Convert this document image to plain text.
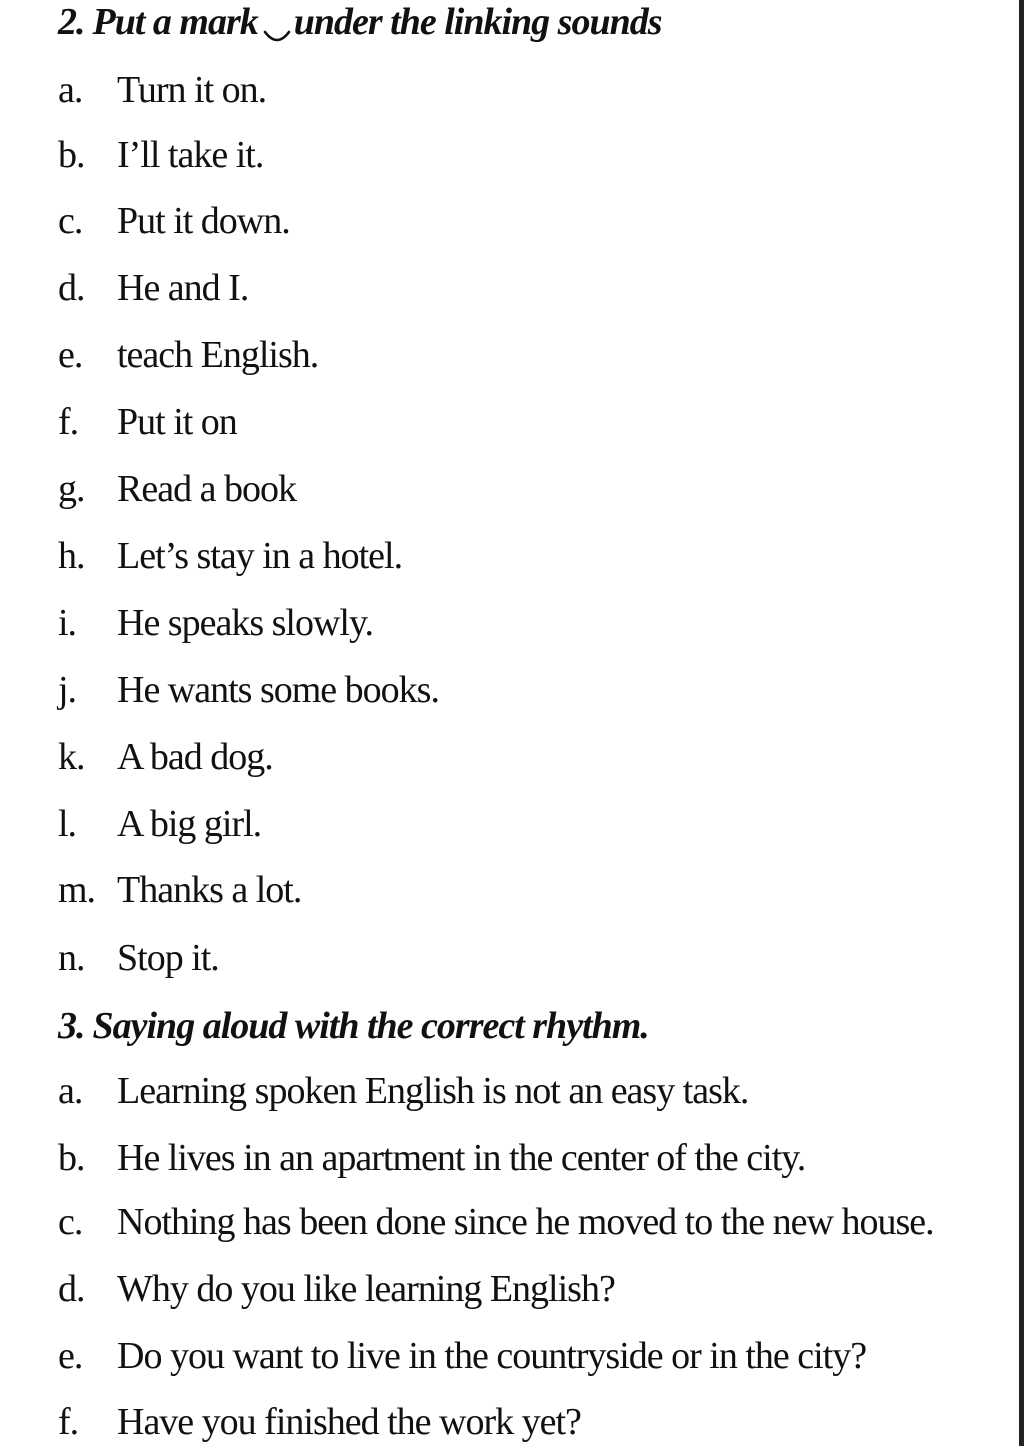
2. Put a mark under the linking sounds
a. Turn it on.
b. I’ll take it.
c. Put it down.
d. He and I.
e. teach English.
f. Put it on
g. Read a book
h. Let’s stay in a hotel.
i. He speaks slowly.
j. He wants some books.
k. A bad dog.
l. A big girl.
m. Thanks a lot.
n. Stop it.
3. Saying aloud with the correct rhythm.
a. Learning spoken English is not an easy task.
b. He lives in an apartment in the center of the city.
c. Nothing has been done since he moved to the new house.
d. Why do you like learning English?
e. Do you want to live in the countryside or in the city?
f. Have you finished the work yet?
